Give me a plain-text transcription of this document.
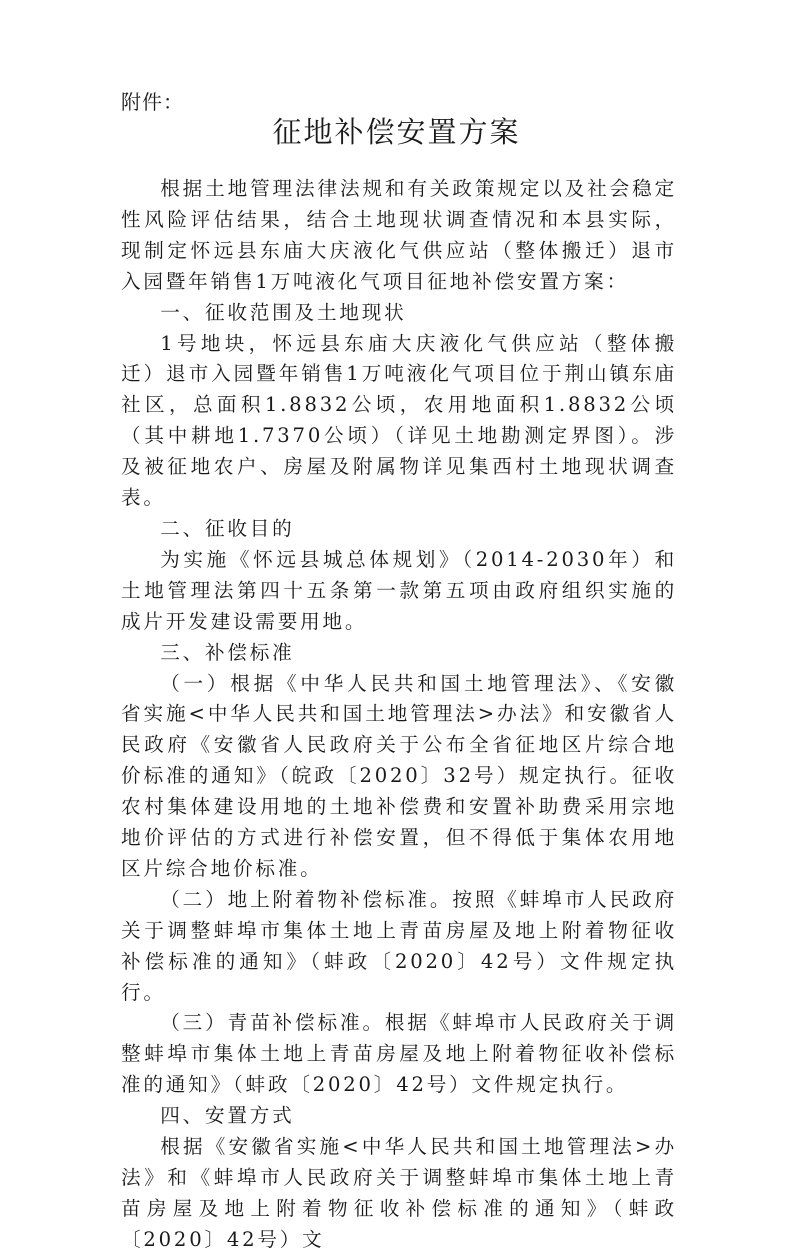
附件：
征地补偿安置方案

根据土地管理法律法规和有关政策规定以及社会稳定性风险评估结果，结合土地现状调查情况和本县实际，现制定怀远县东庙大庆液化气供应站（整体搬迁）退市入园暨年销售1万吨液化气项目征地补偿安置方案：

一、征收范围及土地现状

1号地块，怀远县东庙大庆液化气供应站（整体搬迁）退市入园暨年销售1万吨液化气项目位于荆山镇东庙社区，总面积1.8832公顷，农用地面积1.8832公顷（其中耕地1.7370公顷）（详见土地勘测定界图）。涉及被征地农户、房屋及附属物详见集西村土地现状调查表。

二、征收目的

为实施《怀远县城总体规划》（2014-2030年）和土地管理法第四十五条第一款第五项由政府组织实施的成片开发建设需要用地。

三、补偿标准

（一）根据《中华人民共和国土地管理法》、《安徽省实施<中华人民共和国土地管理法>办法》和安徽省人民政府《安徽省人民政府关于公布全省征地区片综合地价标准的通知》（皖政〔2020〕32号）规定执行。征收农村集体建设用地的土地补偿费和安置补助费采用宗地地价评估的方式进行补偿安置，但不得低于集体农用地区片综合地价标准。

（二）地上附着物补偿标准。按照《蚌埠市人民政府关于调整蚌埠市集体土地上青苗房屋及地上附着物征收补偿标准的通知》（蚌政〔2020〕42号）文件规定执行。

（三）青苗补偿标准。根据《蚌埠市人民政府关于调整蚌埠市集体土地上青苗房屋及地上附着物征收补偿标准的通知》（蚌政〔2020〕42号）文件规定执行。

四、安置方式

根据《安徽省实施<中华人民共和国土地管理法>办法》和《蚌埠市人民政府关于调整蚌埠市集体土地上青苗房屋及地上附着物征收补偿标准的通知》（蚌政〔2020〕42号）文
